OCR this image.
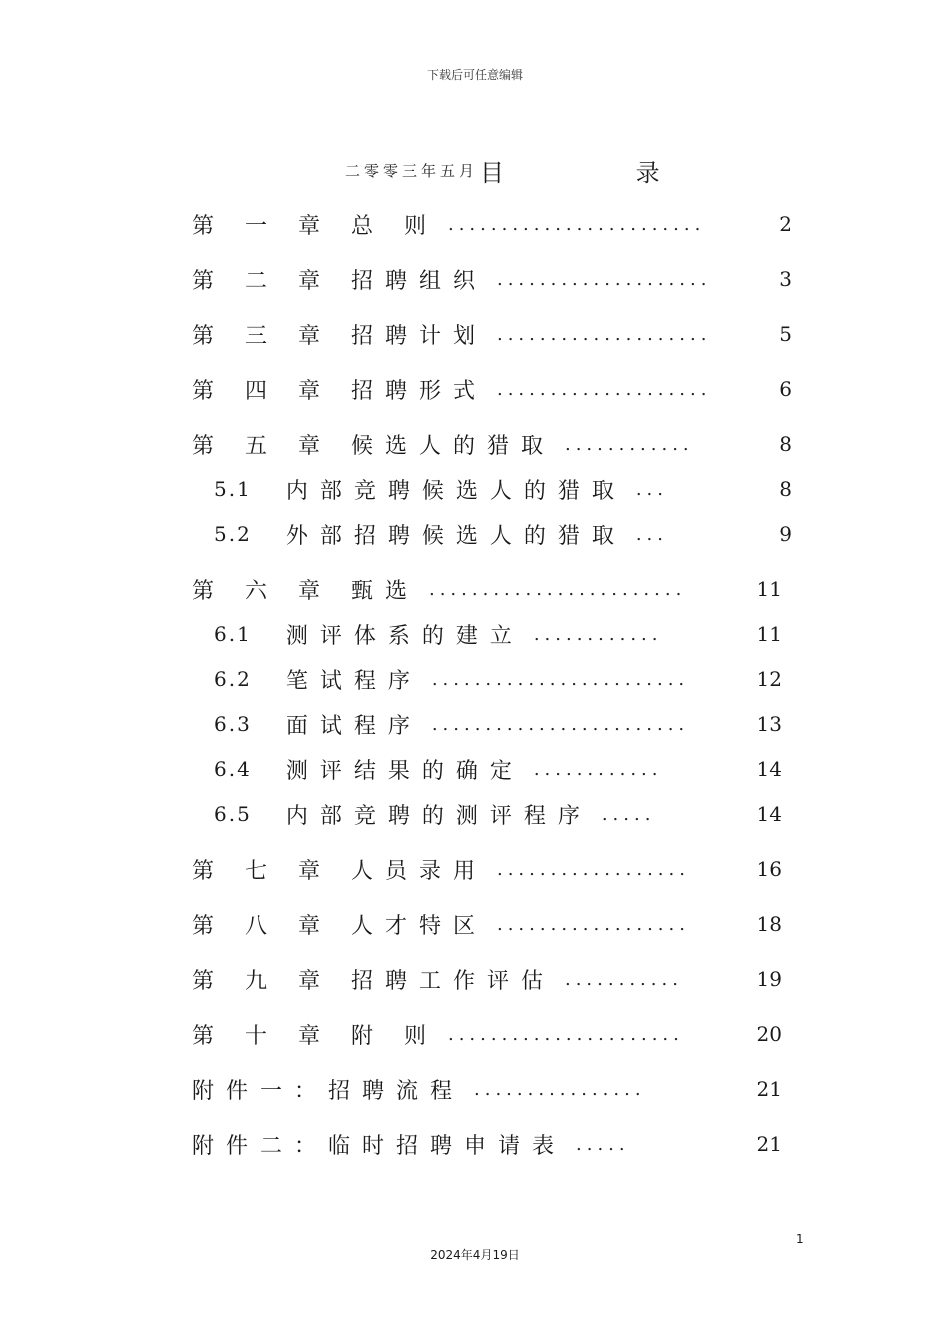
下载后可任意编辑
二零零三年五月 目 录
第 一 章 总 则 ........................	2
第 二 章 招聘组织 ....................	3
第 三 章 招聘计划 ....................	5
第 四 章 招聘形式 ....................	6
第 五 章 候选人的猎取 ............	8
5.1 内部竞聘候选人的猎取 ...	8
5.2 外部招聘候选人的猎取 ...	9
第 六 章 甄选 ........................	11
6.1 测评体系的建立 ............	11
6.2 笔试程序 ........................	12
6.3 面试程序 ........................	13
6.4 测评结果的确定 ............	14
6.5 内部竞聘的测评程序 .....	14
第 七 章 人员录用 ..................	16
第 八 章 人才特区 ..................	18
第 九 章 招聘工作评估 ...........	19
第 十 章 附 则 ......................	20
附件一：招聘流程 ................	21
附件二：临时招聘申请表 .....	21
1
2024年4月19日
